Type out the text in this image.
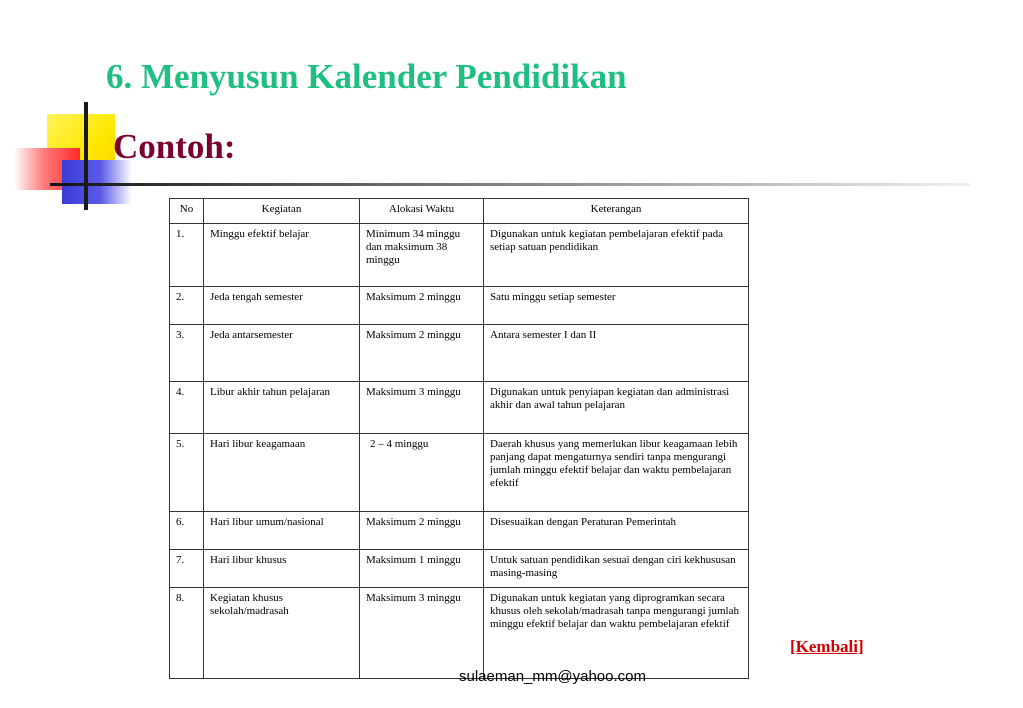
6. Menyusun Kalender Pendidikan
Contoh:
No	Kegiatan	Alokasi Waktu	Keterangan
1.	Minggu efektif belajar	Minimum 34 minggu dan maksimum 38 minggu	Digunakan untuk kegiatan pembelajaran efektif pada setiap satuan pendidikan
2.	Jeda tengah semester	Maksimum 2 minggu	Satu minggu setiap semester
3.	Jeda antarsemester	Maksimum 2 minggu	Antara semester I dan II
4.	Libur akhir tahun pelajaran	Maksimum 3 minggu	Digunakan untuk penyiapan kegiatan dan administrasi akhir dan awal tahun pelajaran
5.	Hari libur keagamaan	2 – 4 minggu	Daerah khusus yang memerlukan libur keagamaan lebih panjang dapat mengaturnya sendiri tanpa mengurangi jumlah minggu efektif belajar dan waktu pembelajaran efektif
6.	Hari libur umum/nasional	Maksimum 2 minggu	Disesuaikan dengan Peraturan Pemerintah
7.	Hari libur khusus	Maksimum 1 minggu	Untuk satuan pendidikan sesuai dengan ciri kekhususan masing-masing
8.	Kegiatan khusus sekolah/madrasah	Maksimum 3 minggu	Digunakan untuk kegiatan yang diprogramkan secara khusus oleh sekolah/madrasah tanpa mengurangi jumlah minggu efektif belajar dan waktu pembelajaran efektif
[Kembali]
sulaeman_mm@yahoo.com
